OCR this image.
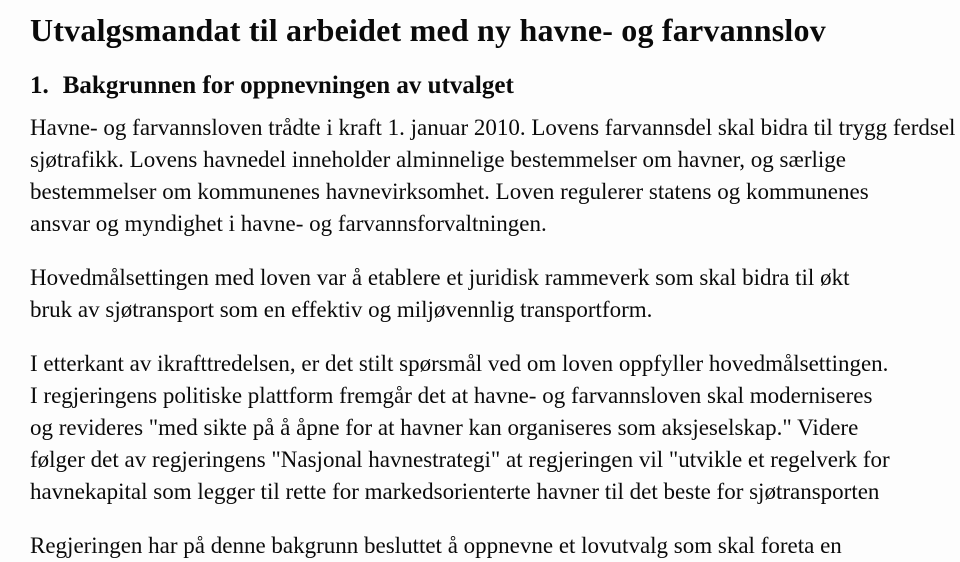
Utvalgsmandat til arbeidet med ny havne- og farvannslov
1. Bakgrunnen for oppnevningen av utvalget
Havne- og farvannsloven trådte i kraft 1. januar 2010. Lovens farvannsdel skal bidra til trygg ferdsel
sjøtrafikk. Lovens havnedel inneholder alminnelige bestemmelser om havner, og særlige
bestemmelser om kommunenes havnevirksomhet. Loven regulerer statens og kommunenes
ansvar og myndighet i havne- og farvannsforvaltningen.
Hovedmålsettingen med loven var å etablere et juridisk rammeverk som skal bidra til økt
bruk av sjøtransport som en effektiv og miljøvennlig transportform.
I etterkant av ikrafttredelsen, er det stilt spørsmål ved om loven oppfyller hovedmålsettingen.
I regjeringens politiske plattform fremgår det at havne- og farvannsloven skal moderniseres
og revideres "med sikte på å åpne for at havner kan organiseres som aksjeselskap." Videre
følger det av regjeringens "Nasjonal havnestrategi" at regjeringen vil "utvikle et regelverk for
havnekapital som legger til rette for markedsorienterte havner til det beste for sjøtransporten
Regjeringen har på denne bakgrunn besluttet å oppnevne et lovutvalg som skal foreta en
